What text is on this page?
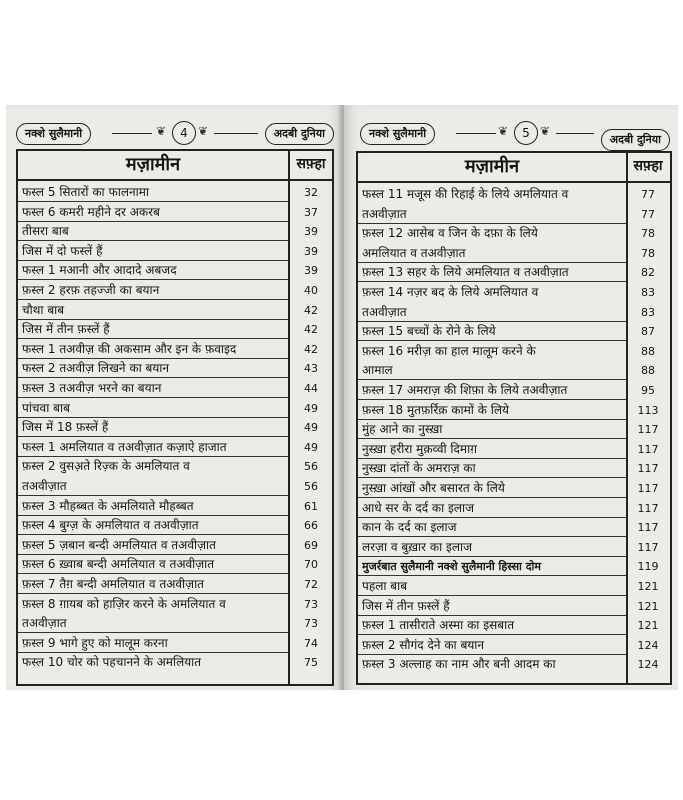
नक्शे सुलैमानी	❦	4 ❦	अदबी दुनिया
मज़ामीन	सफ़्हा
फस्ल 5 सितारों का फालनामा	32
फस्ल 6 कमरी महीने दर अकरब	37
तीसरा बाब	39
जिस में दो फस्लें हैं	39
फस्ल 1 मआनी और आदादे अबजद	39
फ़स्ल 2 हरफ़ तहज्जी का बयान	40
चौथा बाब	42
जिस में तीन फ़स्लें हैं	42
फस्ल 1 तअवीज़ की अकसाम और इन के फ़वाइद	42
फस्ल 2 तअवीज़ लिखने का बयान	43
फ़स्ल 3 तअवीज़ भरने का बयान	44
पांचवा बाब	49
जिस में 18 फ़स्लें हैं	49
फस्ल 1 अमलियात व तअवीज़ात कज़ाऐ हाजात	49
फ़स्ल 2 वुसअ़ते रिज़्क के अमलियात व	56
तअवीज़ात	56
फ़स्ल 3 मौहब्बत के अमलियाते मौहब्बत	61
फ़स्ल 4 बुग्ज़ के अमलियात व तअवीज़ात	66
फ़स्ल 5 ज़बान बन्दी अमलियात व तअवीज़ात	69
फ़स्ल 6 ख़्वाब बन्दी अमलियात व तअवीज़ात	70
फ़स्ल 7 तैग़ बन्दी अमलियात व तअवीज़ात	72
फ़स्ल 8 ग़ायब को हाज़िर करने के अमलियात व	73
तअवीज़ात	73
फ़स्ल 9 भागे हुए को मालूम करना	74
फस्ल 10 चोर को पहचानने के अमलियात	75
नक्शे सुलैमानी	❦	5 ❦
अदबी दुनिया
मज़ामीन	सफ़्हा
फस्ल 11 मजूस की रिहाई के लिये अमलियात व	77
तअवीज़ात	77
फ़स्ल 12 आसेब व जिन के दफ़ा के लिये	78
अमलियात व तअवीज़ात	78
फ़स्ल 13 सहर के लिये अमलियात व तअवीज़ात	82
फ़स्ल 14 नज़र बद के लिये अमलियात व	83
तअवीज़ात	83
फ़स्ल 15 बच्चों के रोने के लिये	87
फ़स्ल 16 मरीज़ का हाल मालूम करने के	88
आमाल	88
फ़स्ल 17 अमराज़ की शिफ़ा के लिये तअवीज़ात	95
फ़स्ल 18 मुतफ़र्रिक़ कामों के लिये	113
मुंह आने का नुस्ख़ा	117
नुस्ख़ा हरीरा मुक़व्वी दिमाग़	117
नुस्ख़ा दांतों के अमराज़ का	117
नुस्ख़ा आंखों और बसारत के लिये	117
आधे सर के दर्द का इलाज	117
कान के दर्द का इलाज	117
लरज़ा व बुख़ार का इलाज	117
मुजर्रबात सुलैमानी नक्शे सुलैमानी हिस्सा दोम	119
पहला बाब	121
जिस में तीन फ़स्लें हैं	121
फ़स्ल 1 तासीराते अस्मा का इसबात	121
फ़स्ल 2 सौगंद देने का बयान	124
फ़स्ल 3 अल्लाह का नाम और बनी आदम का	124
